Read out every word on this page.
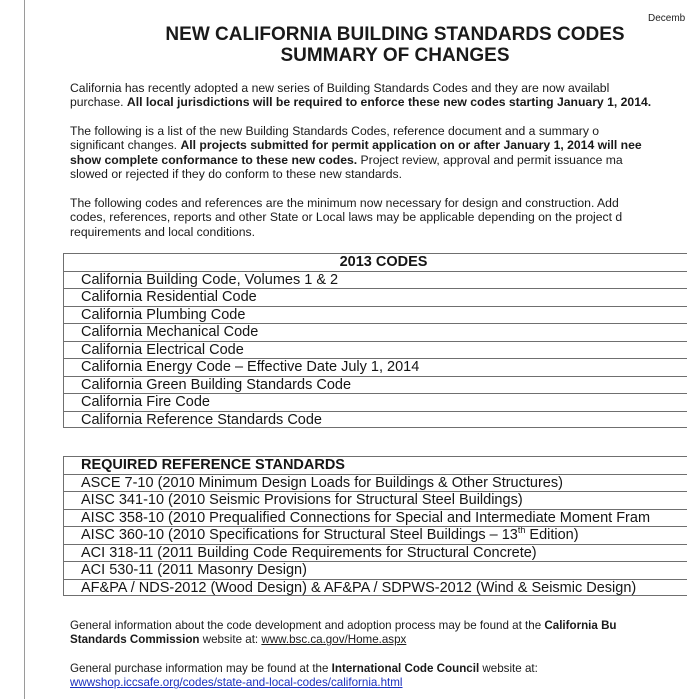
Decemb
NEW CALIFORNIA BUILDING STANDARDS CODES
SUMMARY OF CHANGES
California has recently adopted a new series of Building Standards Codes and they are now availabl
purchase. All local jurisdictions will be required to enforce these new codes starting January 1, 2014.
The following is a list of the new Building Standards Codes, reference document and a summary o
significant changes. All projects submitted for permit application on or after January 1, 2014 will nee
show complete conformance to these new codes. Project review, approval and permit issuance ma
slowed or rejected if they do conform to these new standards.
The following codes and references are the minimum now necessary for design and construction. Add
codes, references, reports and other State or Local laws may be applicable depending on the project d
requirements and local conditions.
2013 CODES
California Building Code, Volumes 1 & 2
California Residential Code
California Plumbing Code
California Mechanical Code
California Electrical Code
California Energy Code – Effective Date July 1, 2014
California Green Building Standards Code
California Fire Code
California Reference Standards Code
REQUIRED REFERENCE STANDARDS
ASCE 7-10 (2010 Minimum Design Loads for Buildings & Other Structures)
AISC 341-10 (2010 Seismic Provisions for Structural Steel Buildings)
AISC 358-10 (2010 Prequalified Connections for Special and Intermediate Moment Fram
AISC 360-10 (2010 Specifications for Structural Steel Buildings – 13th Edition)
ACI 318-11 (2011 Building Code Requirements for Structural Concrete)
ACI 530-11 (2011 Masonry Design)
AF&PA / NDS-2012 (Wood Design) & AF&PA / SDPWS-2012 (Wind & Seismic Design)
General information about the code development and adoption process may be found at the California Bu
Standards Commission website at: www.bsc.ca.gov/Home.aspx
General purchase information may be found at the International Code Council website at:
wwwshop.iccsafe.org/codes/state-and-local-codes/california.html
